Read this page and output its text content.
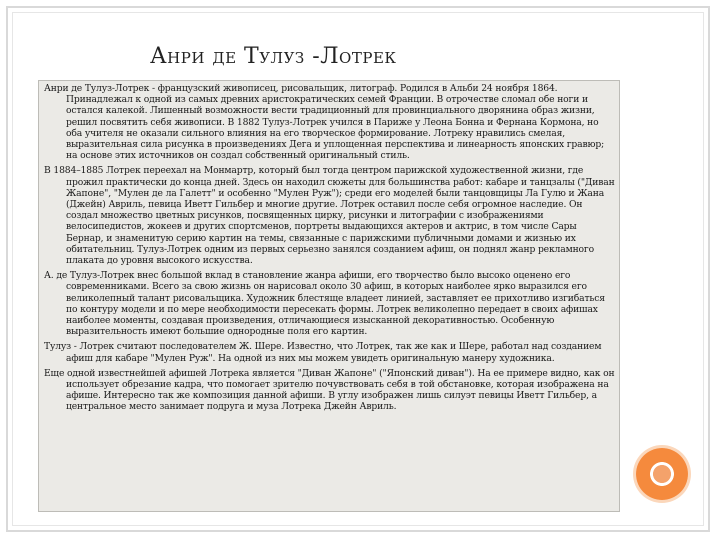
Анри де Тулуз -Лотрек

Анри де Тулуз-Лотрек - французский живописец, рисовальщик, литограф. Родился в Альби 24 ноября 1864. Принадлежал к одной из самых древних аристократических семей Франции. В отрочестве сломал обе ноги и остался калекой. Лишенный возможности вести традиционный для провинциального дворянина образ жизни, решил посвятить себя живописи. В 1882 Тулуз-Лотрек учился в Париже у Леона Бонна и Фернана Кормона, но оба учителя не оказали сильного влияния на его творческое формирование. Лотреку нравились смелая, выразительная сила рисунка в произведениях Дега и уплощенная перспектива и линеарность японских гравюр; на основе этих источников он создал собственный оригинальный стиль.

В 1884–1885 Лотрек переехал на Монмартр, который был тогда центром парижской художественной жизни, где прожил практически до конца дней. Здесь он находил сюжеты для большинства работ: кабаре и танцзалы ("Диван Жапоне", "Мулен де ла Галетт" и особенно "Мулен Руж"); среди его моделей были танцовщицы Ла Гулю и Жана (Джейн) Авриль, певица Иветт Гильбер и многие другие. Лотрек оставил после себя огромное наследие. Он создал множество цветных рисунков, посвященных цирку, рисунки и литографии с изображениями велосипедистов, жокеев и других спортсменов, портреты выдающихся актеров и актрис, в том числе Сары Бернар, и знаменитую серию картин на темы, связанные с парижскими публичными домами и жизнью их обитательниц. Тулуз-Лотрек одним из первых серьезно занялся созданием афиш, он поднял жанр рекламного плаката до уровня высокого искусства.

А. де Тулуз-Лотрек внес большой вклад в становление жанра афиши, его творчество было высоко оценено его современниками. Всего за свою жизнь он нарисовал около 30 афиш, в которых наиболее ярко выразился его великолепный талант рисовальщика. Художник блестяще владеет линией, заставляет ее прихотливо изгибаться по контуру модели и по мере необходимости пересекать формы. Лотрек великолепно передает в своих афишах наиболее моменты, создавая произведения, отличающиеся изысканной декоративностью. Особенную выразительность имеют большие однородные поля его картин.

Тулуз - Лотрек считают последователем Ж. Шере. Известно, что Лотрек, так же как и Шере, работал над созданием афиш для кабаре "Мулен Руж". На одной из них мы можем увидеть оригинальную манеру художника.

Еще одной известнейшей афишей Лотрека является "Диван Жапоне" ("Японский диван"). На ее примере видно, как он использует обрезание кадра, что помогает зрителю почувствовать себя в той обстановке, которая изображена на афише. Интересно так же композиция данной афиши. В углу изображен лишь силуэт певицы Иветт Гильбер, а центральное место занимает подруга и муза Лотрека Джейн Авриль.
